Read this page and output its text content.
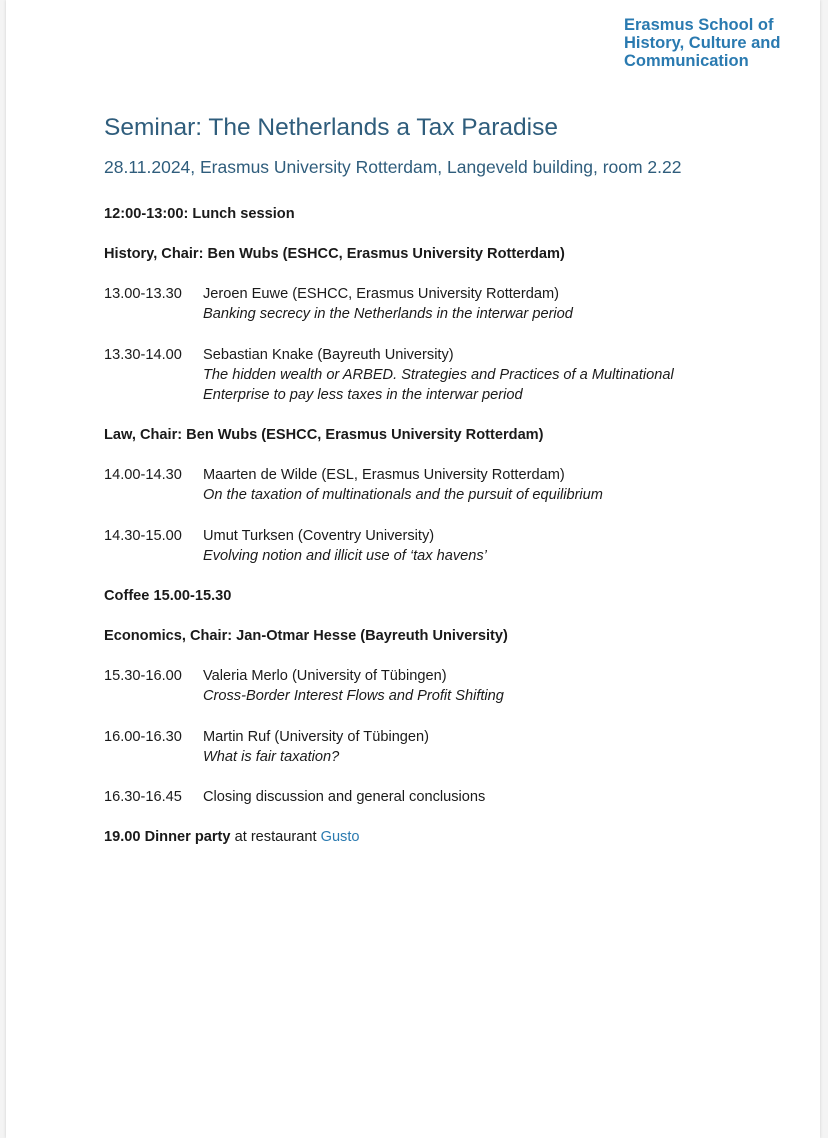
Erasmus School of
History, Culture and
Communication
Seminar: The Netherlands a Tax Paradise
28.11.2024, Erasmus University Rotterdam, Langeveld building, room 2.22
12:00-13:00: Lunch session
History, Chair: Ben Wubs (ESHCC, Erasmus University Rotterdam)
13.00-13.30 Jeroen Euwe (ESHCC, Erasmus University Rotterdam)
Banking secrecy in the Netherlands in the interwar period
13.30-14.00 Sebastian Knake (Bayreuth University)
The hidden wealth or ARBED. Strategies and Practices of a Multinational
Enterprise to pay less taxes in the interwar period
Law, Chair: Ben Wubs (ESHCC, Erasmus University Rotterdam)
14.00-14.30 Maarten de Wilde (ESL, Erasmus University Rotterdam)
On the taxation of multinationals and the pursuit of equilibrium
14.30-15.00 Umut Turksen (Coventry University)
Evolving notion and illicit use of ‘tax havens’
Coffee 15.00-15.30
Economics, Chair: Jan-Otmar Hesse (Bayreuth University)
15.30-16.00 Valeria Merlo (University of Tübingen)
Cross-Border Interest Flows and Profit Shifting
16.00-16.30 Martin Ruf (University of Tübingen)
What is fair taxation?
16.30-16.45 Closing discussion and general conclusions
19.00 Dinner party at restaurant Gusto
